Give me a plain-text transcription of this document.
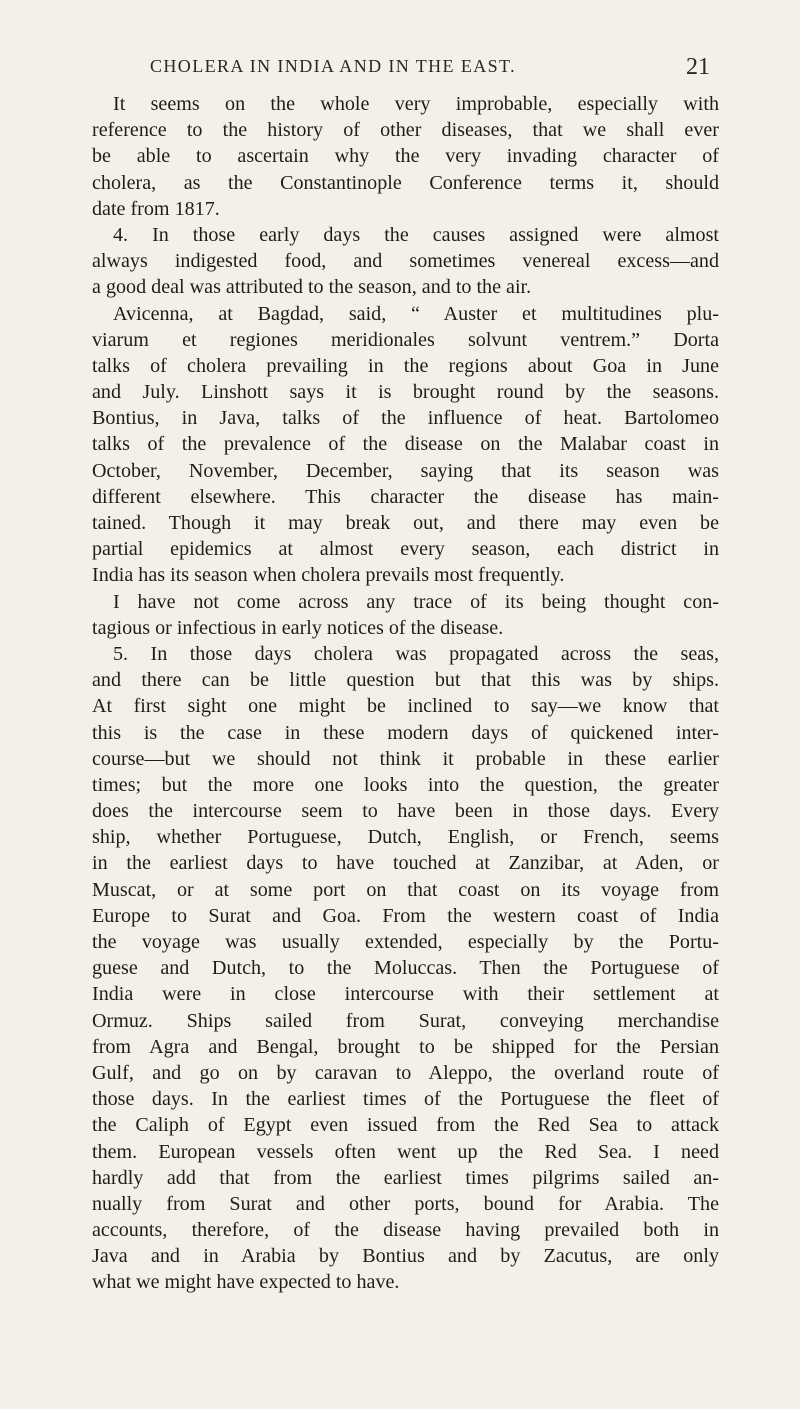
CHOLERA IN INDIA AND IN THE EAST.	21
It seems on the whole very improbable, especially with
reference to the history of other diseases, that we shall ever
be able to ascertain why the very invading character of
cholera, as the Constantinople Conference terms it, should
date from 1817.
4. In those early days the causes assigned were almost
always indigested food, and sometimes venereal excess—and
a good deal was attributed to the season, and to the air.
Avicenna, at Bagdad, said, “ Auster et multitudines plu-
viarum et regiones meridionales solvunt ventrem.” Dorta
talks of cholera prevailing in the regions about Goa in June
and July. Linshott says it is brought round by the seasons.
Bontius, in Java, talks of the influence of heat. Bartolomeo
talks of the prevalence of the disease on the Malabar coast in
October, November, December, saying that its season was
different elsewhere. This character the disease has main-
tained. Though it may break out, and there may even be
partial epidemics at almost every season, each district in
India has its season when cholera prevails most frequently.
I have not come across any trace of its being thought con-
tagious or infectious in early notices of the disease.
5. In those days cholera was propagated across the seas,
and there can be little question but that this was by ships.
At first sight one might be inclined to say—we know that
this is the case in these modern days of quickened inter-
course—but we should not think it probable in these earlier
times; but the more one looks into the question, the greater
does the intercourse seem to have been in those days. Every
ship, whether Portuguese, Dutch, English, or French, seems
in the earliest days to have touched at Zanzibar, at Aden, or
Muscat, or at some port on that coast on its voyage from
Europe to Surat and Goa. From the western coast of India
the voyage was usually extended, especially by the Portu-
guese and Dutch, to the Moluccas. Then the Portuguese of
India were in close intercourse with their settlement at
Ormuz. Ships sailed from Surat, conveying merchandise
from Agra and Bengal, brought to be shipped for the Persian
Gulf, and go on by caravan to Aleppo, the overland route of
those days. In the earliest times of the Portuguese the fleet of
the Caliph of Egypt even issued from the Red Sea to attack
them. European vessels often went up the Red Sea. I need
hardly add that from the earliest times pilgrims sailed an-
nually from Surat and other ports, bound for Arabia. The
accounts, therefore, of the disease having prevailed both in
Java and in Arabia by Bontius and by Zacutus, are only
what we might have expected to have.
